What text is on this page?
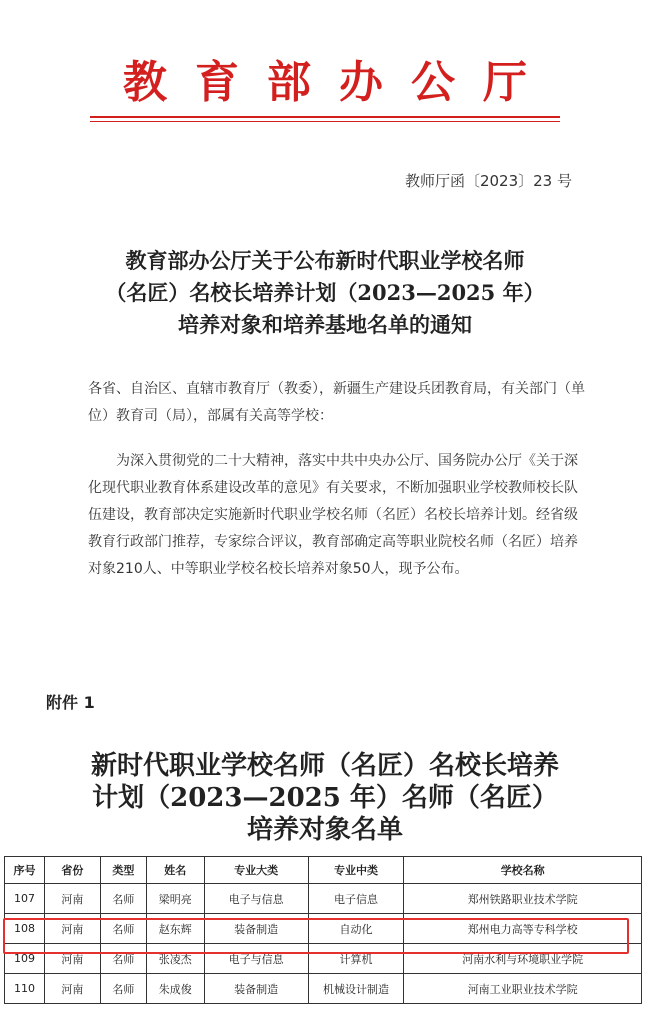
教育部办公厅
教师厅函〔2023〕23 号
教育部办公厅关于公布新时代职业学校名师
（名匠）名校长培养计划（2023—2025 年）
培养对象和培养基地名单的通知
各省、自治区、直辖市教育厅（教委），新疆生产建设兵团教育局，有关部门（单位）教育司（局），部属有关高等学校：

为深入贯彻党的二十大精神，落实中共中央办公厅、国务院办公厅《关于深化现代职业教育体系建设改革的意见》有关要求，不断加强职业学校教师校长队伍建设，教育部决定实施新时代职业学校名师（名匠）名校长培养计划。经省级教育行政部门推荐，专家综合评议，教育部确定高等职业院校名师（名匠）培养对象210人、中等职业学校名校长培养对象50人，现予公布。

附件 1
新时代职业学校名师（名匠）名校长培养
计划（2023—2025 年）名师（名匠）
培养对象名单
序号	省份	类型	姓名	专业大类	专业中类	学校名称
107	河南	名师	梁明亮	电子与信息	电子信息	郑州铁路职业技术学院
108	河南	名师	赵东辉	装备制造	自动化	郑州电力高等专科学校
109	河南	名师	张凌杰	电子与信息	计算机	河南水利与环境职业学院
110	河南	名师	朱成俊	装备制造	机械设计制造	河南工业职业技术学院
